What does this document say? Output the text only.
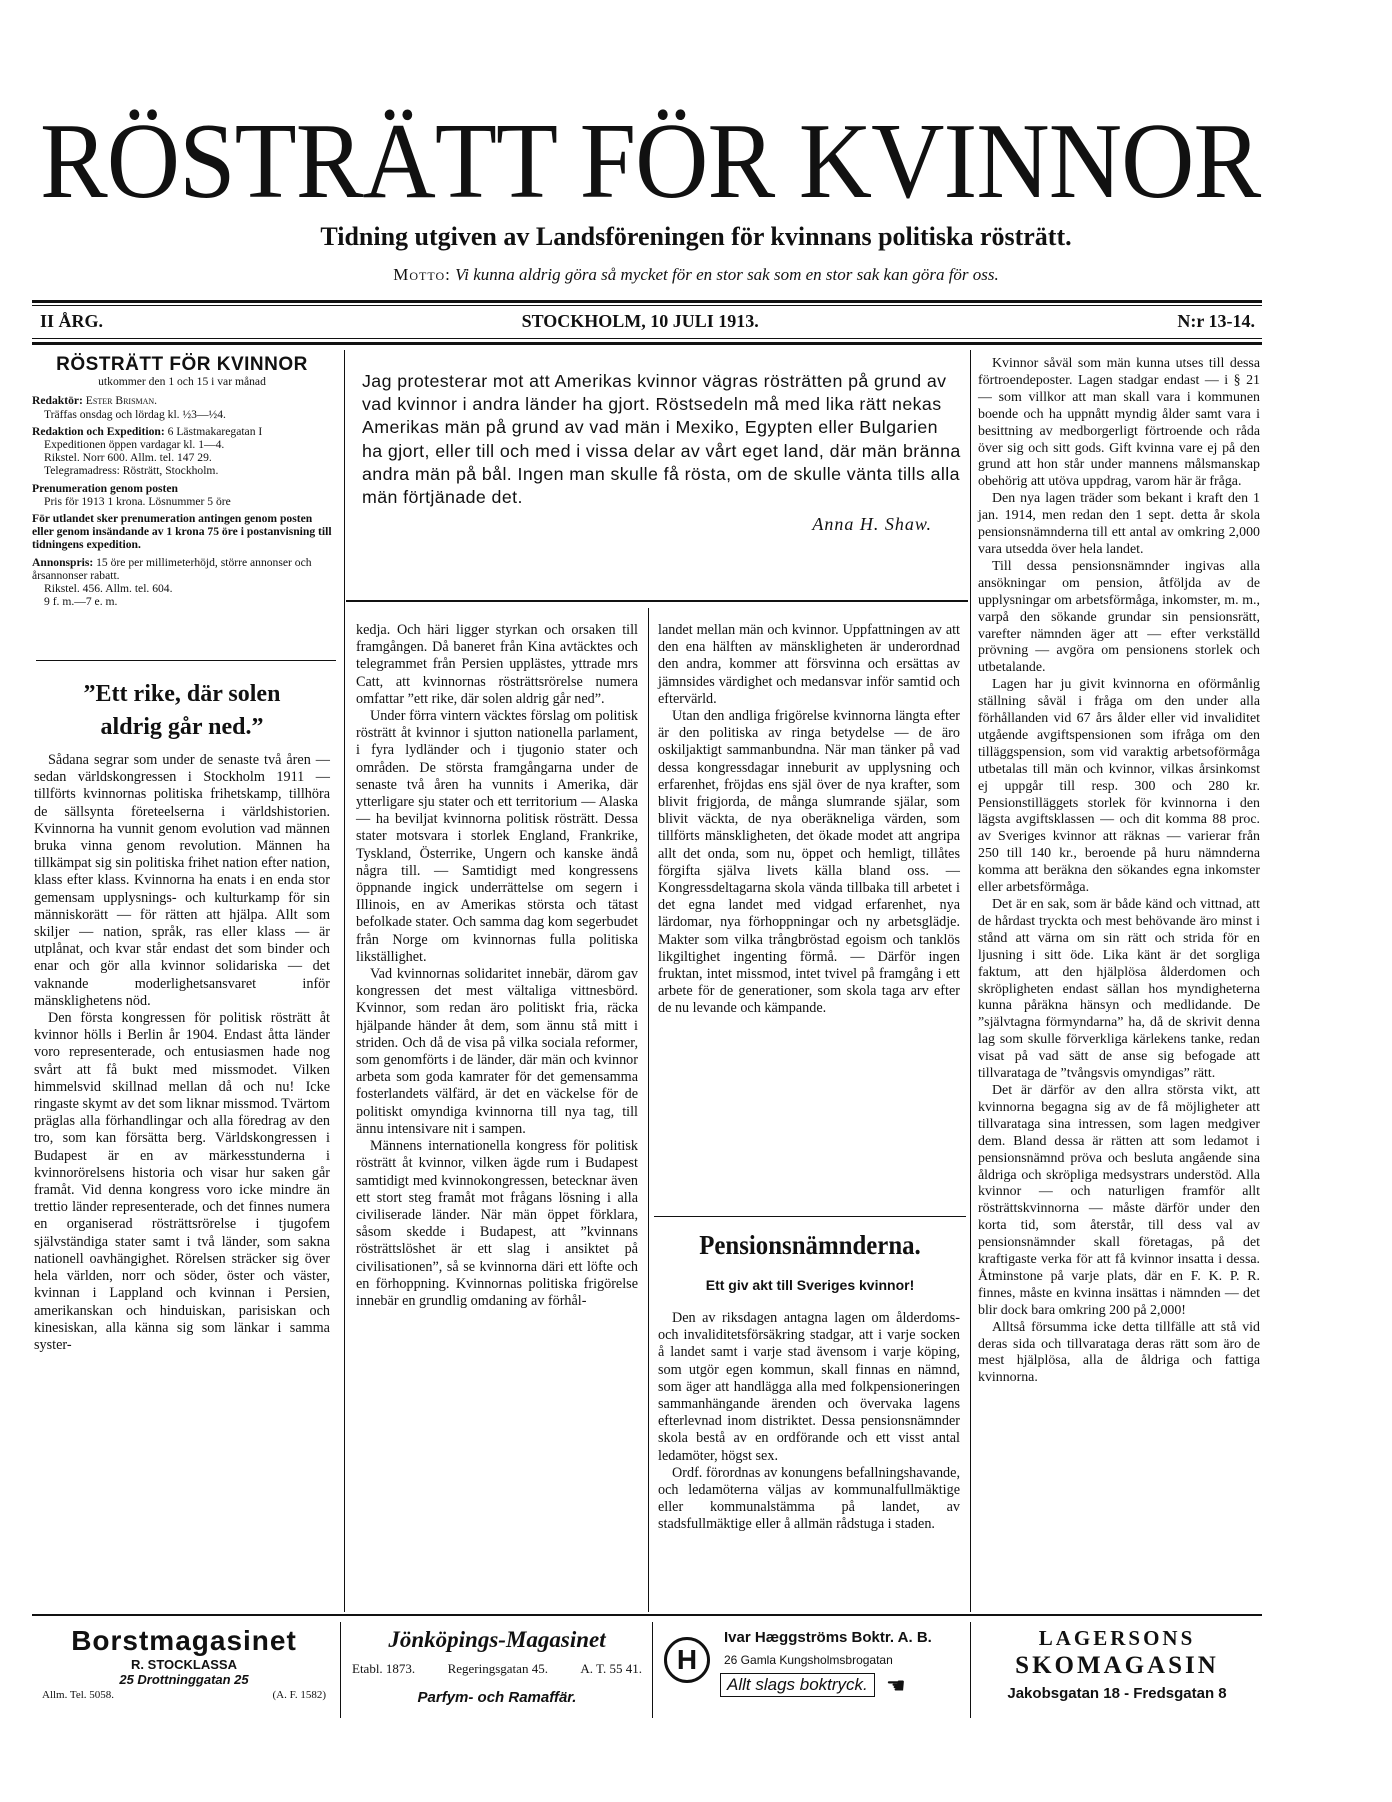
RÖSTRÄTT FÖR KVINNOR
Tidning utgiven av Landsföreningen för kvinnans politiska rösträtt.
Motto: Vi kunna aldrig göra så mycket för en stor sak som en stor sak kan göra för oss.
II ÅRG.	STOCKHOLM, 10 JULI 1913.	N:r 13-14.
RÖSTRÄTT FÖR KVINNOR
utkommer den 1 och 15 i var månad
Redaktör: Ester Brisman.
Träffas onsdag och lördag kl. ½3—½4.
Redaktion och Expedition: 6 Lästmakaregatan I
Expeditionen öppen vardagar kl. 1—4.
Rikstel. Norr 600. Allm. tel. 147 29.
Telegramadress: Rösträtt, Stockholm.
Prenumeration genom posten
Pris för 1913 1 krona. Lösnummer 5 öre
För utlandet sker prenumeration antingen genom posten eller genom insändande av 1 krona 75 öre i postanvisning till tidningens expedition.
Annonspris: 15 öre per millimeterhöjd, större annonser och årsannonser rabatt.
Rikstel. 456. Allm. tel. 604.
9 f. m.—7 e. m.
Jag protesterar mot att Amerikas kvinnor vägras rösträtten på grund av vad kvinnor i andra länder ha gjort. Röstsedeln må med lika rätt nekas Amerikas män på grund av vad män i Mexiko, Egypten eller Bulgarien ha gjort, eller till och med i vissa delar av vårt eget land, där män bränna andra män på bål. Ingen man skulle få rösta, om de skulle vänta tills alla män förtjänade det.
Anna H. Shaw.
”Ett rike, där solen
aldrig går ned.”

Sådana segrar som under de senaste två åren — sedan världskongressen i Stockholm 1911 — tillförts kvinnornas politiska frihetskamp, tillhöra de sällsynta företeelserna i världshistorien. Kvinnorna ha vunnit genom evolution vad männen bruka vinna genom revolution. Männen ha tillkämpat sig sin politiska frihet nation efter nation, klass efter klass. Kvinnorna ha enats i en enda stor gemensam upplysnings- och kulturkamp för sin människorätt — för rätten att hjälpa. Allt som skiljer — nation, språk, ras eller klass — är utplånat, och kvar står endast det som binder och enar och gör alla kvinnor solidariska — det vaknande moderlighetsansvaret inför mänsklighetens nöd.

Den första kongressen för politisk rösträtt åt kvinnor hölls i Berlin år 1904. Endast åtta länder voro representerade, och entusiasmen hade nog svårt att få bukt med missmodet. Vilken himmelsvid skillnad mellan då och nu! Icke ringaste skymt av det som liknar missmod. Tvärtom präglas alla förhandlingar och alla föredrag av den tro, som kan försätta berg. Världskongressen i Budapest är en av märkesstunderna i kvinnorörelsens historia och visar hur saken går framåt. Vid denna kongress voro icke mindre än trettio länder representerade, och det finnes numera en organiserad rösträttsrörelse i tjugofem självständiga stater samt i två länder, som sakna nationell oavhängighet. Rörelsen sträcker sig över hela världen, norr och söder, öster och väster, kvinnan i Lappland och kvinnan i Persien, amerikanskan och hinduiskan, parisiskan och kinesiskan, alla känna sig som länkar i samma syster-

kedja. Och häri ligger styrkan och orsaken till framgången. Då baneret från Kina avtäcktes och telegrammet från Persien upplästes, yttrade mrs Catt, att kvinnornas rösträttsrörelse numera omfattar ”ett rike, där solen aldrig går ned”.

Under förra vintern väcktes förslag om politisk rösträtt åt kvinnor i sjutton nationella parlament, i fyra lydländer och i tjugonio stater och områden. De största framgångarna under de senaste två åren ha vunnits i Amerika, där ytterligare sju stater och ett territorium — Alaska — ha beviljat kvinnorna politisk rösträtt. Dessa stater motsvara i storlek England, Frankrike, Tyskland, Österrike, Ungern och kanske ändå några till. — Samtidigt med kongressens öppnande ingick underrättelse om segern i Illinois, en av Amerikas största och tätast befolkade stater. Och samma dag kom segerbudet från Norge om kvinnornas fulla politiska likställighet.

Vad kvinnornas solidaritet innebär, därom gav kongressen det mest vältaliga vittnesbörd. Kvinnor, som redan äro politiskt fria, räcka hjälpande händer åt dem, som ännu stå mitt i striden. Och då de visa på vilka sociala reformer, som genomförts i de länder, där män och kvinnor arbeta som goda kamrater för det gemensamma fosterlandets välfärd, är det en väckelse för de politiskt omyndiga kvinnorna till nya tag, till ännu intensivare nit i sampen.

Männens internationella kongress för politisk rösträtt åt kvinnor, vilken ägde rum i Budapest samtidigt med kvinnokongressen, betecknar även ett stort steg framåt mot frågans lösning i alla civiliserade länder. När män öppet förklara, såsom skedde i Budapest, att ”kvinnans rösträttslöshet är ett slag i ansiktet på civilisationen”, så se kvinnorna däri ett löfte och en förhoppning. Kvinnornas politiska frigörelse innebär en grundlig omdaning av förhål-

landet mellan män och kvinnor. Uppfattningen av att den ena hälften av mänskligheten är underordnad den andra, kommer att försvinna och ersättas av jämnsides värdighet och medansvar inför samtid och eftervärld.

Utan den andliga frigörelse kvinnorna längta efter är den politiska av ringa betydelse — de äro oskiljaktigt sammanbundna. När man tänker på vad dessa kongressdagar inneburit av upplysning och erfarenhet, fröjdas ens själ över de nya krafter, som blivit frigjorda, de många slumrande själar, som blivit väckta, de nya oberäkneliga värden, som tillförts mänskligheten, det ökade modet att angripa allt det onda, som nu, öppet och hemligt, tillåtes förgifta själva livets källa bland oss. — Kongressdeltagarna skola vända tillbaka till arbetet i det egna landet med vidgad erfarenhet, nya lärdomar, nya förhoppningar och ny arbetsglädje. Makter som vilka trångbröstad egoism och tanklös likgiltighet ingenting förmå. — Därför ingen fruktan, intet missmod, intet tvivel på framgång i ett arbete för de generationer, som skola taga arv efter de nu levande och kämpande.

Pensionsnämnderna.
Ett giv akt till Sveriges kvinnor!

Den av riksdagen antagna lagen om ålderdoms- och invaliditetsförsäkring stadgar, att i varje socken å landet samt i varje stad ävensom i varje köping, som utgör egen kommun, skall finnas en nämnd, som äger att handlägga alla med folkpensioneringen sammanhängande ärenden och övervaka lagens efterlevnad inom distriktet. Dessa pensionsnämnder skola bestå av en ordförande och ett visst antal ledamöter, högst sex.

Ordf. förordnas av konungens befallningshavande, och ledamöterna väljas av kommunalfullmäktige eller kommunalstämma på landet, av stadsfullmäktige eller å allmän rådstuga i staden.

Kvinnor såväl som män kunna utses till dessa förtroendeposter. Lagen stadgar endast — i § 21 — som villkor att man skall vara i kommunen boende och ha uppnått myndig ålder samt vara i besittning av medborgerligt förtroende och råda över sig och sitt gods. Gift kvinna vare ej på den grund att hon står under mannens målsmanskap obehörig att utöva uppdrag, varom här är fråga.

Den nya lagen träder som bekant i kraft den 1 jan. 1914, men redan den 1 sept. detta år skola pensionsnämnderna till ett antal av omkring 2,000 vara utsedda över hela landet.

Till dessa pensionsnämnder ingivas alla ansökningar om pension, åtföljda av de upplysningar om arbetsförmåga, inkomster, m. m., varpå den sökande grundar sin pensionsrätt, varefter nämnden äger att — efter verkställd prövning — avgöra om pensionens storlek och utbetalande.

Lagen har ju givit kvinnorna en oförmånlig ställning såväl i fråga om den under alla förhållanden vid 67 års ålder eller vid invaliditet utgående avgiftspensionen som ifråga om den tilläggspension, som vid varaktig arbetsoförmåga utbetalas till män och kvinnor, vilkas årsinkomst ej uppgår till resp. 300 och 280 kr. Pensionstilläggets storlek för kvinnorna i den lägsta avgiftsklassen — och dit komma 88 proc. av Sveriges kvinnor att räknas — varierar från 250 till 140 kr., beroende på huru nämnderna komma att beräkna den sökandes egna inkomster eller arbetsförmåga.

Det är en sak, som är både känd och vittnad, att de hårdast tryckta och mest behövande äro minst i stånd att värna om sin rätt och strida för en ljusning i sitt öde. Lika känt är det sorgliga faktum, att den hjälplösa ålderdomen och skröpligheten endast sällan hos myndigheterna kunna påräkna hänsyn och medlidande. De ”självtagna förmyndarna” ha, då de skrivit denna lag som skulle förverkliga kärlekens tanke, redan visat på vad sätt de anse sig befogade att tillvaratagа de ”tvångsvis omyndigas” rätt.

Det är därför av den allra största vikt, att kvinnorna begagna sig av de få möjligheter att tillvarataga sina intressen, som lagen medgiver dem. Bland dessa är rätten att som ledamot i pensionsnämnd pröva och besluta angående sina åldriga och skröpliga medsystrars understöd. Alla kvinnor — och naturligen framför allt rösträttskvinnorna — måste därför under den korta tid, som återstår, till dess val av pensionsnämnder skall företagas, på det kraftigaste verka för att få kvinnor insatta i dessa. Åtminstone på varje plats, där en F. K. P. R. finnes, måste en kvinna insättas i nämnden — det blir dock bara omkring 200 på 2,000!

Alltså försumma icke detta tillfälle att stå vid deras sida och tillvarataga deras rätt som äro de mest hjälplösa, alla de åldriga och fattiga kvinnorna.

Borstmagasinet
R. STOCKLASSA
25 Drottninggatan 25
Allm. Tel. 5058.	(A. F. 1582)
Jönköpings-Magasinet
Etabl. 1873. Regeringsgatan 45. A. T. 55 41.
Parfym- och Ramaffär.
H
Ivar Hæggströms Boktr. A. B.
26 Gamla Kungsholmsbrogatan
Allt slags boktryck. ☚
LAGERSONS
SKOMAGASIN
Jakobsgatan 18 - Fredsgatan 8
